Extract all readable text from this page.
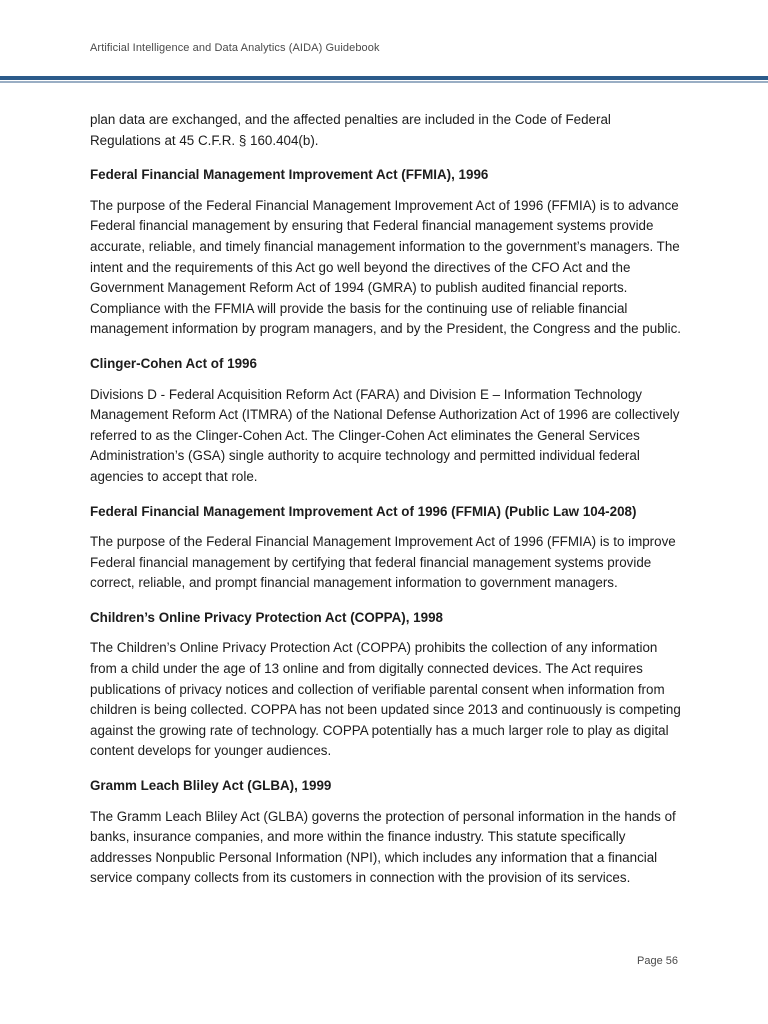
Artificial Intelligence and Data Analytics (AIDA) Guidebook

plan data are exchanged, and the affected penalties are included in the Code of Federal Regulations at 45 C.F.R. § 160.404(b).

Federal Financial Management Improvement Act (FFMIA), 1996

The purpose of the Federal Financial Management Improvement Act of 1996 (FFMIA) is to advance Federal financial management by ensuring that Federal financial management systems provide accurate, reliable, and timely financial management information to the government’s managers. The intent and the requirements of this Act go well beyond the directives of the CFO Act and the Government Management Reform Act of 1994 (GMRA) to publish audited financial reports. Compliance with the FFMIA will provide the basis for the continuing use of reliable financial management information by program managers, and by the President, the Congress and the public.

Clinger-Cohen Act of 1996

Divisions D - Federal Acquisition Reform Act (FARA) and Division E – Information Technology Management Reform Act (ITMRA) of the National Defense Authorization Act of 1996 are collectively referred to as the Clinger-Cohen Act. The Clinger-Cohen Act eliminates the General Services Administration’s (GSA) single authority to acquire technology and permitted individual federal agencies to accept that role.

Federal Financial Management Improvement Act of 1996 (FFMIA) (Public Law 104-208)

The purpose of the Federal Financial Management Improvement Act of 1996 (FFMIA) is to improve Federal financial management by certifying that federal financial management systems provide correct, reliable, and prompt financial management information to government managers.

Children’s Online Privacy Protection Act (COPPA), 1998

The Children’s Online Privacy Protection Act (COPPA) prohibits the collection of any information from a child under the age of 13 online and from digitally connected devices. The Act requires publications of privacy notices and collection of verifiable parental consent when information from children is being collected. COPPA has not been updated since 2013 and continuously is competing against the growing rate of technology. COPPA potentially has a much larger role to play as digital content develops for younger audiences.

Gramm Leach Bliley Act (GLBA), 1999

The Gramm Leach Bliley Act (GLBA) governs the protection of personal information in the hands of banks, insurance companies, and more within the finance industry. This statute specifically addresses Nonpublic Personal Information (NPI), which includes any information that a financial service company collects from its customers in connection with the provision of its services.

Page 56
